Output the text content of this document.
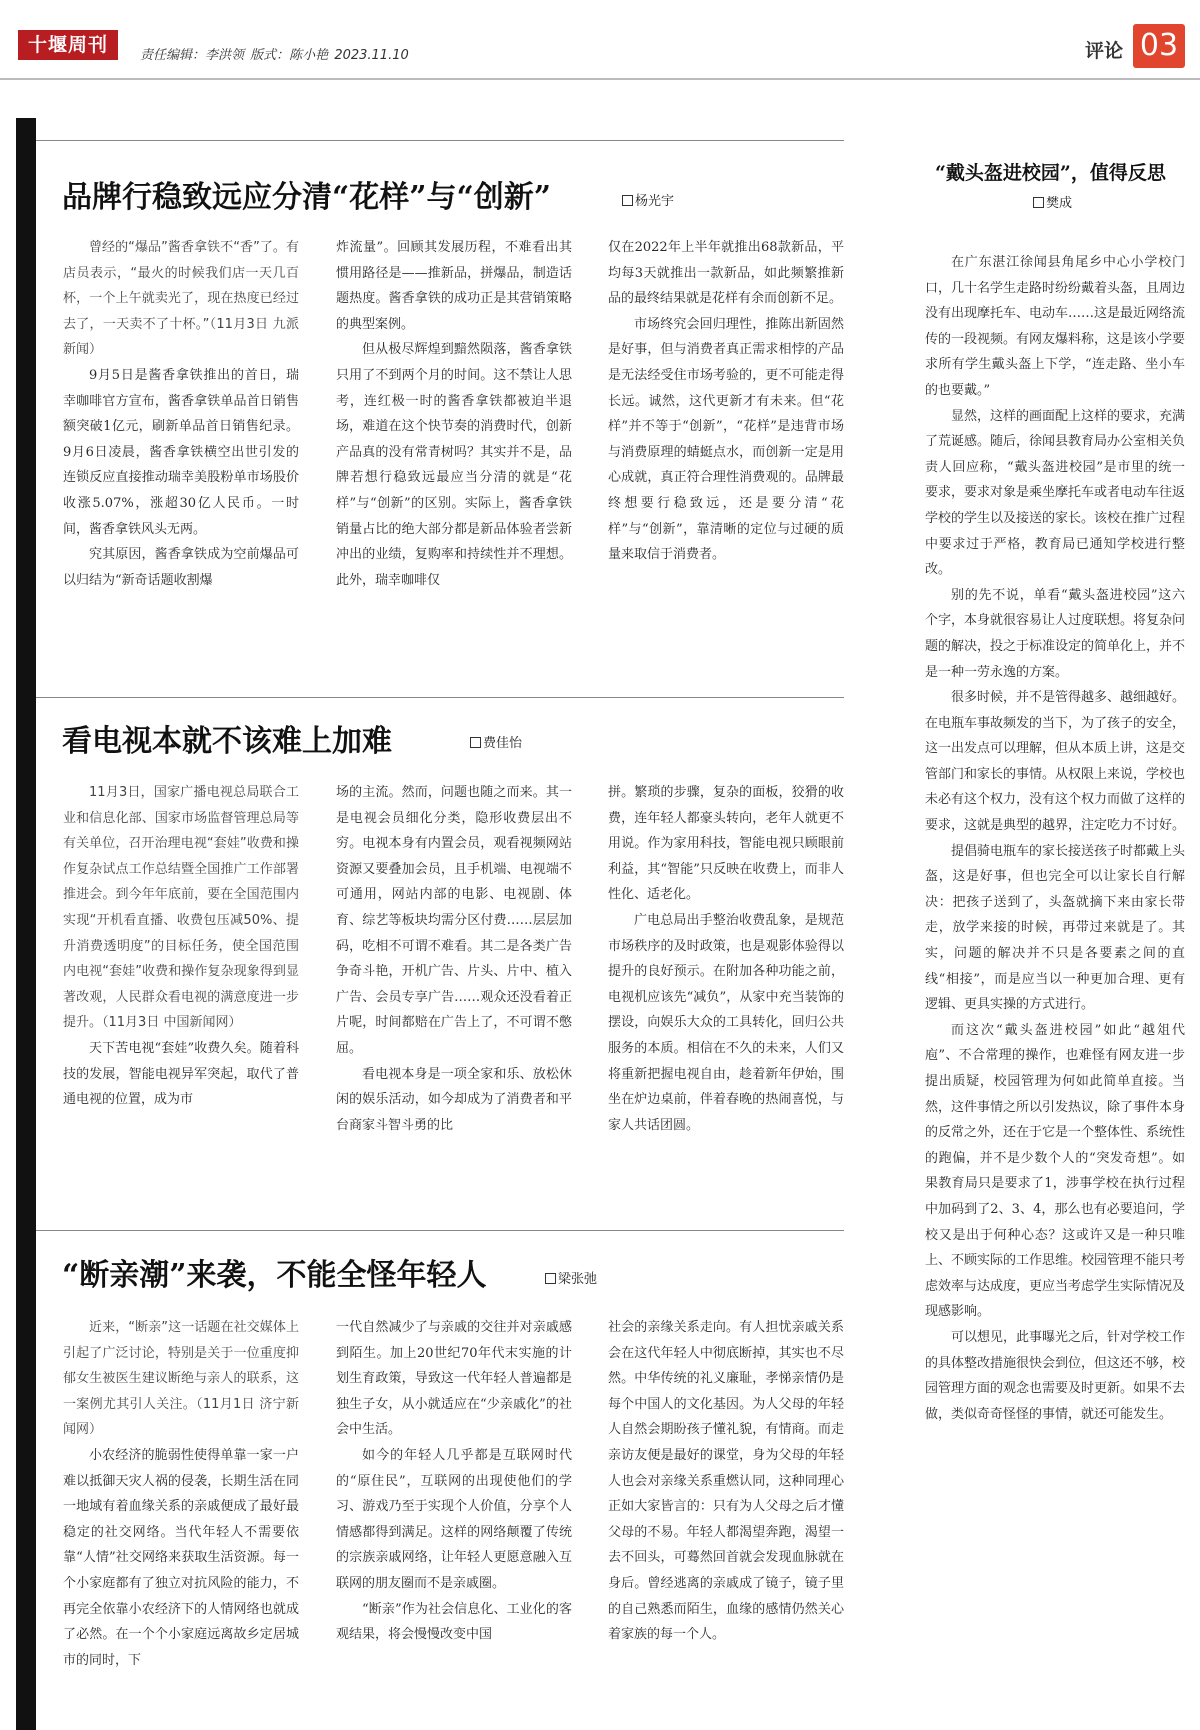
十堰周刊	责任编辑：李洪领 版式：陈小艳 2023.11.10	评论 03
品牌行稳致远应分清“花样”与“创新”	杨光宇

曾经的“爆品”酱香拿铁不“香”了。有店员表示，“最火的时候我们店一天几百杯，一个上午就卖光了，现在热度已经过去了，一天卖不了十杯。”（11月3日 九派新闻）

9月5日是酱香拿铁推出的首日，瑞幸咖啡官方宣布，酱香拿铁单品首日销售额突破1亿元，刷新单品首日销售纪录。9月6日凌晨，酱香拿铁横空出世引发的连锁反应直接推动瑞幸美股粉单市场股价收涨5.07%，涨超30亿人民币。一时间，酱香拿铁风头无两。

究其原因，酱香拿铁成为空前爆品可以归结为“新奇话题收割爆

炸流量”。回顾其发展历程，不难看出其惯用路径是——推新品，拼爆品，制造话题热度。酱香拿铁的成功正是其营销策略的典型案例。

但从极尽辉煌到黯然陨落，酱香拿铁只用了不到两个月的时间。这不禁让人思考，连红极一时的酱香拿铁都被迫半退场，难道在这个快节奏的消费时代，创新产品真的没有常青树吗？其实并不是，品牌若想行稳致远最应当分清的就是“花样”与“创新”的区别。实际上，酱香拿铁销量占比的绝大部分都是新品体验者尝新冲出的业绩，复购率和持续性并不理想。此外，瑞幸咖啡仅

仅在2022年上半年就推出68款新品，平均每3天就推出一款新品，如此频繁推新品的最终结果就是花样有余而创新不足。

市场终究会回归理性，推陈出新固然是好事，但与消费者真正需求相悖的产品是无法经受住市场考验的，更不可能走得长远。诚然，这代更新才有未来。但“花样”并不等于“创新”，“花样”是违背市场与消费原理的蜻蜓点水，而创新一定是用心成就，真正符合理性消费观的。品牌最终想要行稳致远，还是要分清“花样”与“创新”，靠清晰的定位与过硬的质量来取信于消费者。

看电视本就不该难上加难	费佳怡

11月3日，国家广播电视总局联合工业和信息化部、国家市场监督管理总局等有关单位，召开治理电视“套娃”收费和操作复杂试点工作总结暨全国推广工作部署推进会。到今年年底前，要在全国范围内实现“开机看直播、收费包压减50%、提升消费透明度”的目标任务，使全国范围内电视“套娃”收费和操作复杂现象得到显著改观，人民群众看电视的满意度进一步提升。（11月3日 中国新闻网）

天下苦电视“套娃”收费久矣。随着科技的发展，智能电视异军突起，取代了普通电视的位置，成为市

场的主流。然而，问题也随之而来。其一是电视会员细化分类，隐形收费层出不穷。电视本身有内置会员，观看视频网站资源又要叠加会员，且手机端、电视端不可通用，网站内部的电影、电视剧、体育、综艺等板块均需分区付费……层层加码，吃相不可谓不难看。其二是各类广告争奇斗艳，开机广告、片头、片中、植入广告、会员专享广告……观众还没看着正片呢，时间都赔在广告上了，不可谓不憋屈。

看电视本身是一项全家和乐、放松休闲的娱乐活动，如今却成为了消费者和平台商家斗智斗勇的比

拼。繁琐的步骤，复杂的面板，狡猾的收费，连年轻人都豪头转向，老年人就更不用说。作为家用科技，智能电视只顾眼前利益，其“智能”只反映在收费上，而非人性化、适老化。

广电总局出手整治收费乱象，是规范市场秩序的及时政策，也是观影体验得以提升的良好预示。在附加各种功能之前，电视机应该先“减负”，从家中充当装饰的摆设，向娱乐大众的工具转化，回归公共服务的本质。相信在不久的未来，人们又将重新把握电视自由，趁着新年伊始，围坐在炉边桌前，伴着春晚的热闹喜悦，与家人共话团圆。

“断亲潮”来袭，不能全怪年轻人	梁张弛

近来，“断亲”这一话题在社交媒体上引起了广泛讨论，特别是关于一位重度抑郁女生被医生建议断绝与亲人的联系，这一案例尤其引人关注。（11月1日 济宁新闻网）

小农经济的脆弱性使得单靠一家一户难以抵御天灾人祸的侵袭，长期生活在同一地域有着血缘关系的亲戚便成了最好最稳定的社交网络。当代年轻人不需要依靠“人情”社交网络来获取生活资源。每一个小家庭都有了独立对抗风险的能力，不再完全依靠小农经济下的人情网络也就成了必然。在一个个小家庭远离故乡定居城市的同时，下

一代自然减少了与亲戚的交往并对亲戚感到陌生。加上20世纪70年代末实施的计划生育政策，导致这一代年轻人普遍都是独生子女，从小就适应在“少亲戚化”的社会中生活。

如今的年轻人几乎都是互联网时代的“原住民”，互联网的出现使他们的学习、游戏乃至于实现个人价值，分享个人情感都得到满足。这样的网络颠覆了传统的宗族亲戚网络，让年轻人更愿意融入互联网的朋友圈而不是亲戚圈。

“断亲”作为社会信息化、工业化的客观结果，将会慢慢改变中国

社会的亲缘关系走向。有人担忧亲戚关系会在这代年轻人中彻底断掉，其实也不尽然。中华传统的礼义廉耻，孝悌亲情仍是每个中国人的文化基因。为人父母的年轻人自然会期盼孩子懂礼貌，有情商。而走亲访友便是最好的课堂，身为父母的年轻人也会对亲缘关系重燃认同，这种同理心正如大家皆言的：只有为人父母之后才懂父母的不易。年轻人都渴望奔跑，渴望一去不回头，可蓦然回首就会发现血脉就在身后。曾经逃离的亲戚成了镜子，镜子里的自己熟悉而陌生，血缘的感情仍然关心着家族的每一个人。

“戴头盔进校园”，值得反思
樊成

在广东湛江徐闻县角尾乡中心小学校门口，几十名学生走路时纷纷戴着头盔，且周边没有出现摩托车、电动车……这是最近网络流传的一段视频。有网友爆料称，这是该小学要求所有学生戴头盔上下学，“连走路、坐小车的也要戴。”

显然，这样的画面配上这样的要求，充满了荒诞感。随后，徐闻县教育局办公室相关负责人回应称，“戴头盔进校园”是市里的统一要求，要求对象是乘坐摩托车或者电动车往返学校的学生以及接送的家长。该校在推广过程中要求过于严格，教育局已通知学校进行整改。

别的先不说，单看“戴头盔进校园”这六个字，本身就很容易让人过度联想。将复杂问题的解决，投之于标准设定的简单化上，并不是一种一劳永逸的方案。

很多时候，并不是管得越多、越细越好。在电瓶车事故频发的当下，为了孩子的安全，这一出发点可以理解，但从本质上讲，这是交管部门和家长的事情。从权限上来说，学校也未必有这个权力，没有这个权力而做了这样的要求，这就是典型的越界，注定吃力不讨好。

提倡骑电瓶车的家长接送孩子时都戴上头盔，这是好事，但也完全可以让家长自行解决：把孩子送到了，头盔就摘下来由家长带走，放学来接的时候，再带过来就是了。其实，问题的解决并不只是各要素之间的直线“相接”，而是应当以一种更加合理、更有逻辑、更具实操的方式进行。

而这次“戴头盔进校园”如此“越俎代庖”、不合常理的操作，也难怪有网友进一步提出质疑，校园管理为何如此简单直接。当然，这件事情之所以引发热议，除了事件本身的反常之外，还在于它是一个整体性、系统性的跑偏，并不是少数个人的“突发奇想”。如果教育局只是要求了1，涉事学校在执行过程中加码到了2、3、4，那么也有必要追问，学校又是出于何种心态？这或许又是一种只唯上、不顾实际的工作思维。校园管理不能只考虑效率与达成度，更应当考虑学生实际情况及现感影响。

可以想见，此事曝光之后，针对学校工作的具体整改措施很快会到位，但这还不够，校园管理方面的观念也需要及时更新。如果不去做，类似奇奇怪怪的事情，就还可能发生。
